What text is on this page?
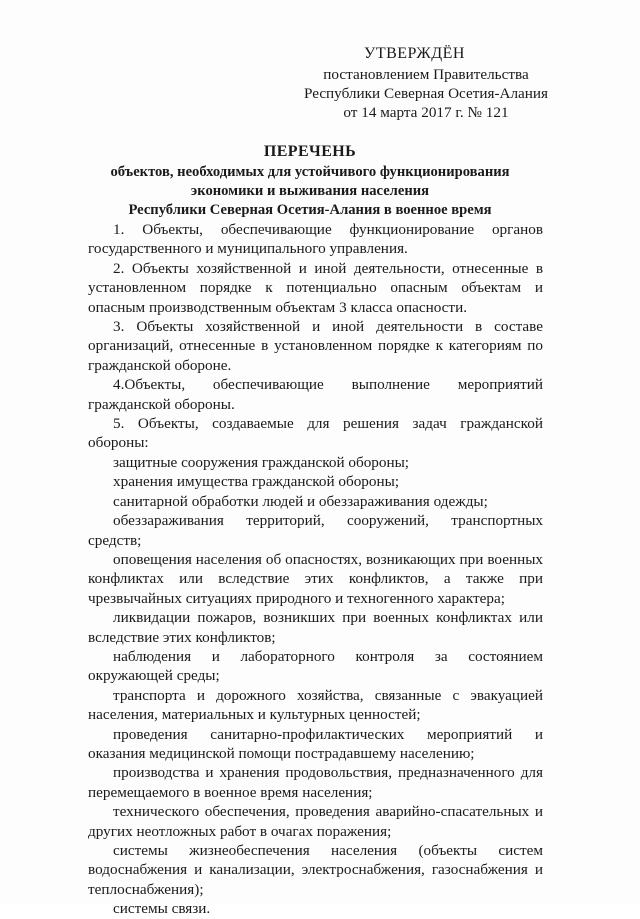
УТВЕРЖДЁН
постановлением Правительства
Республики Северная Осетия-Алания
от 14 марта 2017 г. № 121
ПЕРЕЧЕНЬ
объектов, необходимых для устойчивого функционирования
экономики и выживания населения
Республики Северная Осетия-Алания в военное время

1. Объекты, обеспечивающие функционирование органов государственного и муниципального управления.

2. Объекты хозяйственной и иной деятельности, отнесенные в установленном порядке к потенциально опасным объектам и опасным производственным объектам 3 класса опасности.

3. Объекты хозяйственной и иной деятельности в составе организаций, отнесенные в установленном порядке к категориям по гражданской обороне.

4.Объекты, обеспечивающие выполнение мероприятий гражданской обороны.

5. Объекты, создаваемые для решения задач гражданской обороны:

защитные сооружения гражданской обороны;

хранения имущества гражданской обороны;

санитарной обработки людей и обеззараживания одежды;

обеззараживания территорий, сооружений, транспортных средств;

оповещения населения об опасностях, возникающих при военных конфликтах или вследствие этих конфликтов, а также при чрезвычайных ситуациях природного и техногенного характера;

ликвидации пожаров, возникших при военных конфликтах или вследствие этих конфликтов;

наблюдения и лабораторного контроля за состоянием окружающей среды;

транспорта и дорожного хозяйства, связанные с эвакуацией населения, материальных и культурных ценностей;

проведения санитарно-профилактических мероприятий и оказания медицинской помощи пострадавшему населению;

производства и хранения продовольствия, предназначенного для перемещаемого в военное время населения;

технического обеспечения, проведения аварийно-спасательных и других неотложных работ в очагах поражения;

системы жизнеобеспечения населения (объекты систем водоснабжения и канализации, электроснабжения, газоснабжения и теплоснабжения);

системы связи.
